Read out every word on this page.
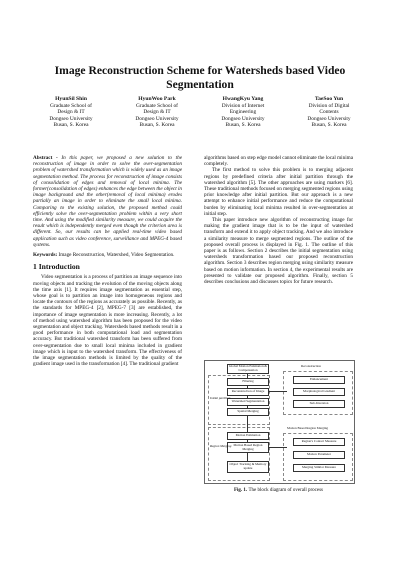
Image Reconstruction Scheme for Watersheds based Video Segmentation
HyunSil Shin
Graduate School of
Design & IT
Dongseo University
Busan, S. Korea
HyunWoo Park
Graduate School of
Design & IT
Dongseo University
Busan, S. Korea
HwangKyu Yang
Division of Internet
Engineering
Dongseo University
Busan, S. Korea
TaeSoo Yun
Division of Digital
Contents
Dongseo University
Busan, S. Korea

Abstract - In this paper, we proposed a new solution to the reconstruction of image in order to solve the over-segmentation problem of watershed transformation which is widely used as an image segmentation method. The process for reconstruction of image consists of consolidation of edges and removal of local minima. The former(consolidation of edges) enhances the edge between the object in image background and the other(removal of local minima) erodes partially an image in order to eliminate the small local minima. Comparing to the existing solution, the proposed method could efficiently solve the over-segmentation problem within a very short time. And using the modified similarity measure, we could acquire the result which is independently merged even though the criterion area is different. So, our results can be applied real-time video based application such as video conference, surveillance and MPEG-4 based systems.

Keywords: Image Reconstruction, Watershed, Video Segmentation.

1 Introduction

Video segmentation is a process of partition an image sequence into moving objects and tracking the evolution of the moving objects along the time axis [1]. It requires image segmentation as essential step, whose goal is to partition an image into homogeneous regions and locate the contours of the regions as accurately as possible. Recently, as the standards for MPEG-4 [2], MPEG-7 [3] are established, the importance of image segmentation is more increasing. Recently, a lot of method using watershed algorithm has been proposed for the video segmentation and object tracking. Watersheds based methods result in a good performance in both computational load and segmentation accuracy. But traditional watershed transform has been suffered from over-segmentation due to small local minima included in gradient image which is input to the watershed transform. The effectiveness of the image segmentation methods is limited by the quality of the gradient image used in the transformation [4]. The traditional gradient

algorithms based on step edge model cannot eliminate the local minima completely.

The first method to solve this problem is to merging adjacent regions by predefined criteria after initial partition through the watershed algorithm [5]. The other approaches are using markers [6]. These traditional methods focused on merging segmented regions using prior knowledge after initial partition. But our approach is a new attempt to enhance initial performance and reduce the computational burden by eliminating local minima resulted in over-segmentation at initial step.

This paper introduce new algorithm of reconstructing image for making the gradient image that is to be the input of watershed transform and extend it to apply object tracking. And we also introduce a similarity measure to merge segmented regions. The outline of the proposed overall process is displayed in Fig. 1. The outline of this paper is as follows. Section 2 describes the initial segmentation using watersheds transformation based our proposed reconstruction algorithm. Section 3 describes region merging using similarity measure based on motion information. In section 4, the experimental results are presented to validate our proposed algorithm. Finally, section 5 describes conclusions and discusses topics for future research.

Global Motion Estimation & Compensation
Filtering
Reconstruction of Image
Watershed Segmentation
Spatial Merging
Initial partition
Motion Estimation
Motion Based Region Merging
Object Tracking & Memory update
Region Merging
Reconstruction
Enhancement
Morphological Gradient
Sub-Inversion
Motion Based Region Merging
Region's Contact Measure
Motion Parameter
Merging Similar Measure
Fig. 1. The block diagram of overall process
